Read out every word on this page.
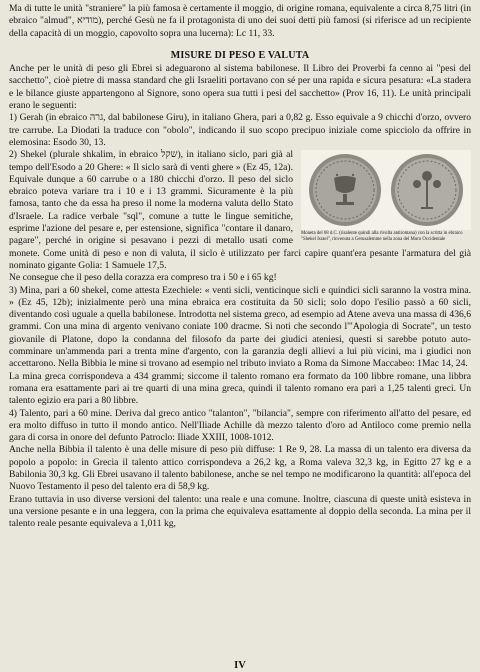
Ma di tutte le unità "straniere" la più famosa è certamente il moggio, di origine romana, equivalente a circa 8,75 litri (in ebraico "almud", מודיא), perché Gesù ne fa il protagonista di uno dei suoi detti più famosi (si riferisce ad un recipiente della capacità di un moggio, capovolto sopra una lucerna): Lc 11, 33.

MISURE DI PESO E VALUTA

Anche per le unità di peso gli Ebrei si adeguarono al sistema babilonese. Il Libro dei Proverbi fa cenno ai "pesi del sacchetto", cioè pietre di massa standard che gli Israeliti portavano con sé per una rapida e sicura pesatura: «La stadera e le bilance giuste appartengono al Signore, sono opera sua tutti i pesi del sacchetto» (Prov 16, 11). Le unità principali erano le seguenti:

1) Gerah (in ebraico גרה, dal babilonese Giru), in italiano Ghera, pari a 0,82 g. Esso equivale a 9 chicchi d'orzo, ovvero tre carrube. La Diodati la traduce con "obolo", indicando il suo scopo precipuo iniziale come spicciolo da offrire in elemosina: Esodo 30, 13.

Moneta del 68 d.C. (risalente quindi alla rivolta antiromana) con la scritta in ebraico "Shekel Israel", rinvenuta a Gerusalemme nella zona del Muro Occidentale

2) Shekel (plurale shkalim, in ebraico שקל), in italiano siclo, pari già al tempo dell'Esodo a 20 Ghere: « Il siclo sarà di venti ghere » (Ez 45, 12a). Equivale dunque a 60 carrube o a 180 chicchi d'orzo. Il peso del siclo ebraico poteva variare tra i 10 e i 13 grammi. Sicuramente è la più famosa, tanto che da essa ha preso il nome la moderna valuta dello Stato d'Israele. La radice verbale "sql", comune a tutte le lingue semitiche, esprime l'azione del pesare e, per estensione, significa "contare il danaro, pagare", perché in origine si pesavano i pezzi di metallo usati come monete. Come unità di peso e non di valuta, il siclo è utilizzato per farci capire quant'era pesante l'armatura del già nominato gigante Golia: 1 Samuele 17,5.

Ne consegue che il peso della corazza era compreso tra i 50 e i 65 kg!

3) Mina, pari a 60 shekel, come attesta Ezechiele: « venti sicli, venticinque sicli e quindici sicli saranno la vostra mina. » (Ez 45, 12b); inizialmente però una mina ebraica era costituita da 50 sicli; solo dopo l'esilio passò a 60 sicli, diventando così uguale a quella babilonese. Introdotta nel sistema greco, ad esempio ad Atene aveva una massa di 436,6 grammi. Con una mina di argento venivano coniate 100 dracme. Si noti che secondo l'"Apologia di Socrate", un testo giovanile di Platone, dopo la condanna del filosofo da parte dei giudici ateniesi, questi si sarebbe potuto auto-comminare un'ammenda pari a trenta mine d'argento, con la garanzia degli allievi a lui più vicini, ma i giudici non accettarono. Nella Bibbia le mine si trovano ad esempio nel tributo inviato a Roma da Simone Maccabeo: 1Mac 14, 24.

La mina greca corrispondeva a 434 grammi; siccome il talento romano era formato da 100 libbre romane, una libbra romana era esattamente pari ai tre quarti di una mina greca, quindi il talento romano era pari a 1,25 talenti greci. Un talento egizio era pari a 80 libbre.

4) Talento, pari a 60 mine. Deriva dal greco antico "talanton", "bilancia", sempre con riferimento all'atto del pesare, ed era molto diffuso in tutto il mondo antico. Nell'Iliade Achille dà mezzo talento d'oro ad Antiloco come premio nella gara di corsa in onore del defunto Patroclo: Iliade XXIII, 1008-1012.

Anche nella Bibbia il talento è una delle misure di peso più diffuse: 1 Re 9, 28. La massa di un talento era diversa da popolo a popolo: in Grecia il talento attico corrispondeva a 26,2 kg, a Roma valeva 32,3 kg, in Egitto 27 kg e a Babilonia 30,3 kg. Gli Ebrei usavano il talento babilonese, anche se nel tempo ne modificarono la quantità: all'epoca del Nuovo Testamento il peso del talento era di 58,9 kg.

Erano tuttavia in uso diverse versioni del talento: una reale e una comune. Inoltre, ciascuna di queste unità esisteva in una versione pesante e in una leggera, con la prima che equivaleva esattamente al doppio della seconda. La mina per il talento reale pesante equivaleva a 1,011 kg,

IV
